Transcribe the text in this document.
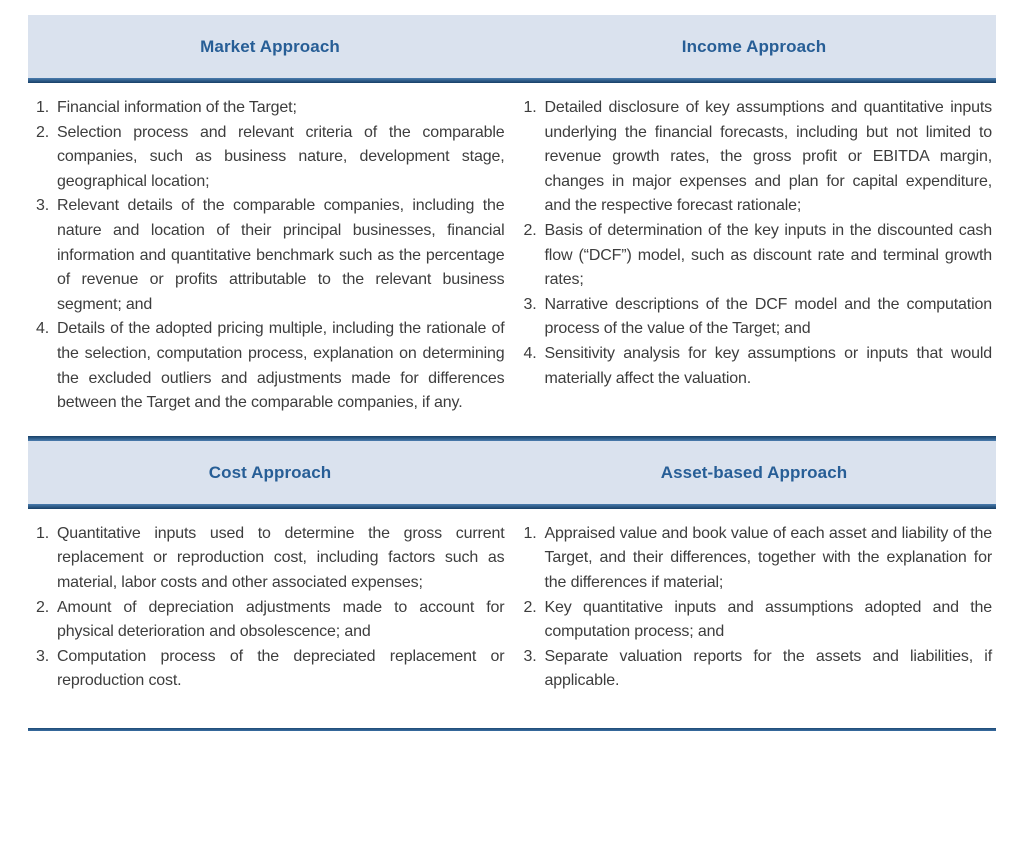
Market Approach	Income Approach
1. Financial information of the Target;
2. Selection process and relevant criteria of the comparable companies, such as business nature, development stage, geographical location;
3. Relevant details of the comparable companies, including the nature and location of their principal businesses, financial information and quantitative benchmark such as the percentage of revenue or profits attributable to the relevant business segment; and
4. Details of the adopted pricing multiple, including the rationale of the selection, computation process, explanation on determining the excluded outliers and adjustments made for differences between the Target and the comparable companies, if any.
1. Detailed disclosure of key assumptions and quantitative inputs underlying the financial forecasts, including but not limited to revenue growth rates, the gross profit or EBITDA margin, changes in major expenses and plan for capital expenditure, and the respective forecast rationale;
2. Basis of determination of the key inputs in the discounted cash flow (“DCF”) model, such as discount rate and terminal growth rates;
3. Narrative descriptions of the DCF model and the computation process of the value of the Target; and
4. Sensitivity analysis for key assumptions or inputs that would materially affect the valuation.
Cost Approach	Asset-based Approach
1. Quantitative inputs used to determine the gross current replacement or reproduction cost, including factors such as material, labor costs and other associated expenses;
2. Amount of depreciation adjustments made to account for physical deterioration and obsolescence; and
3. Computation process of the depreciated replacement or reproduction cost.
1. Appraised value and book value of each asset and liability of the Target, and their differences, together with the explanation for the differences if material;
2. Key quantitative inputs and assumptions adopted and the computation process; and
3. Separate valuation reports for the assets and liabilities, if applicable.
